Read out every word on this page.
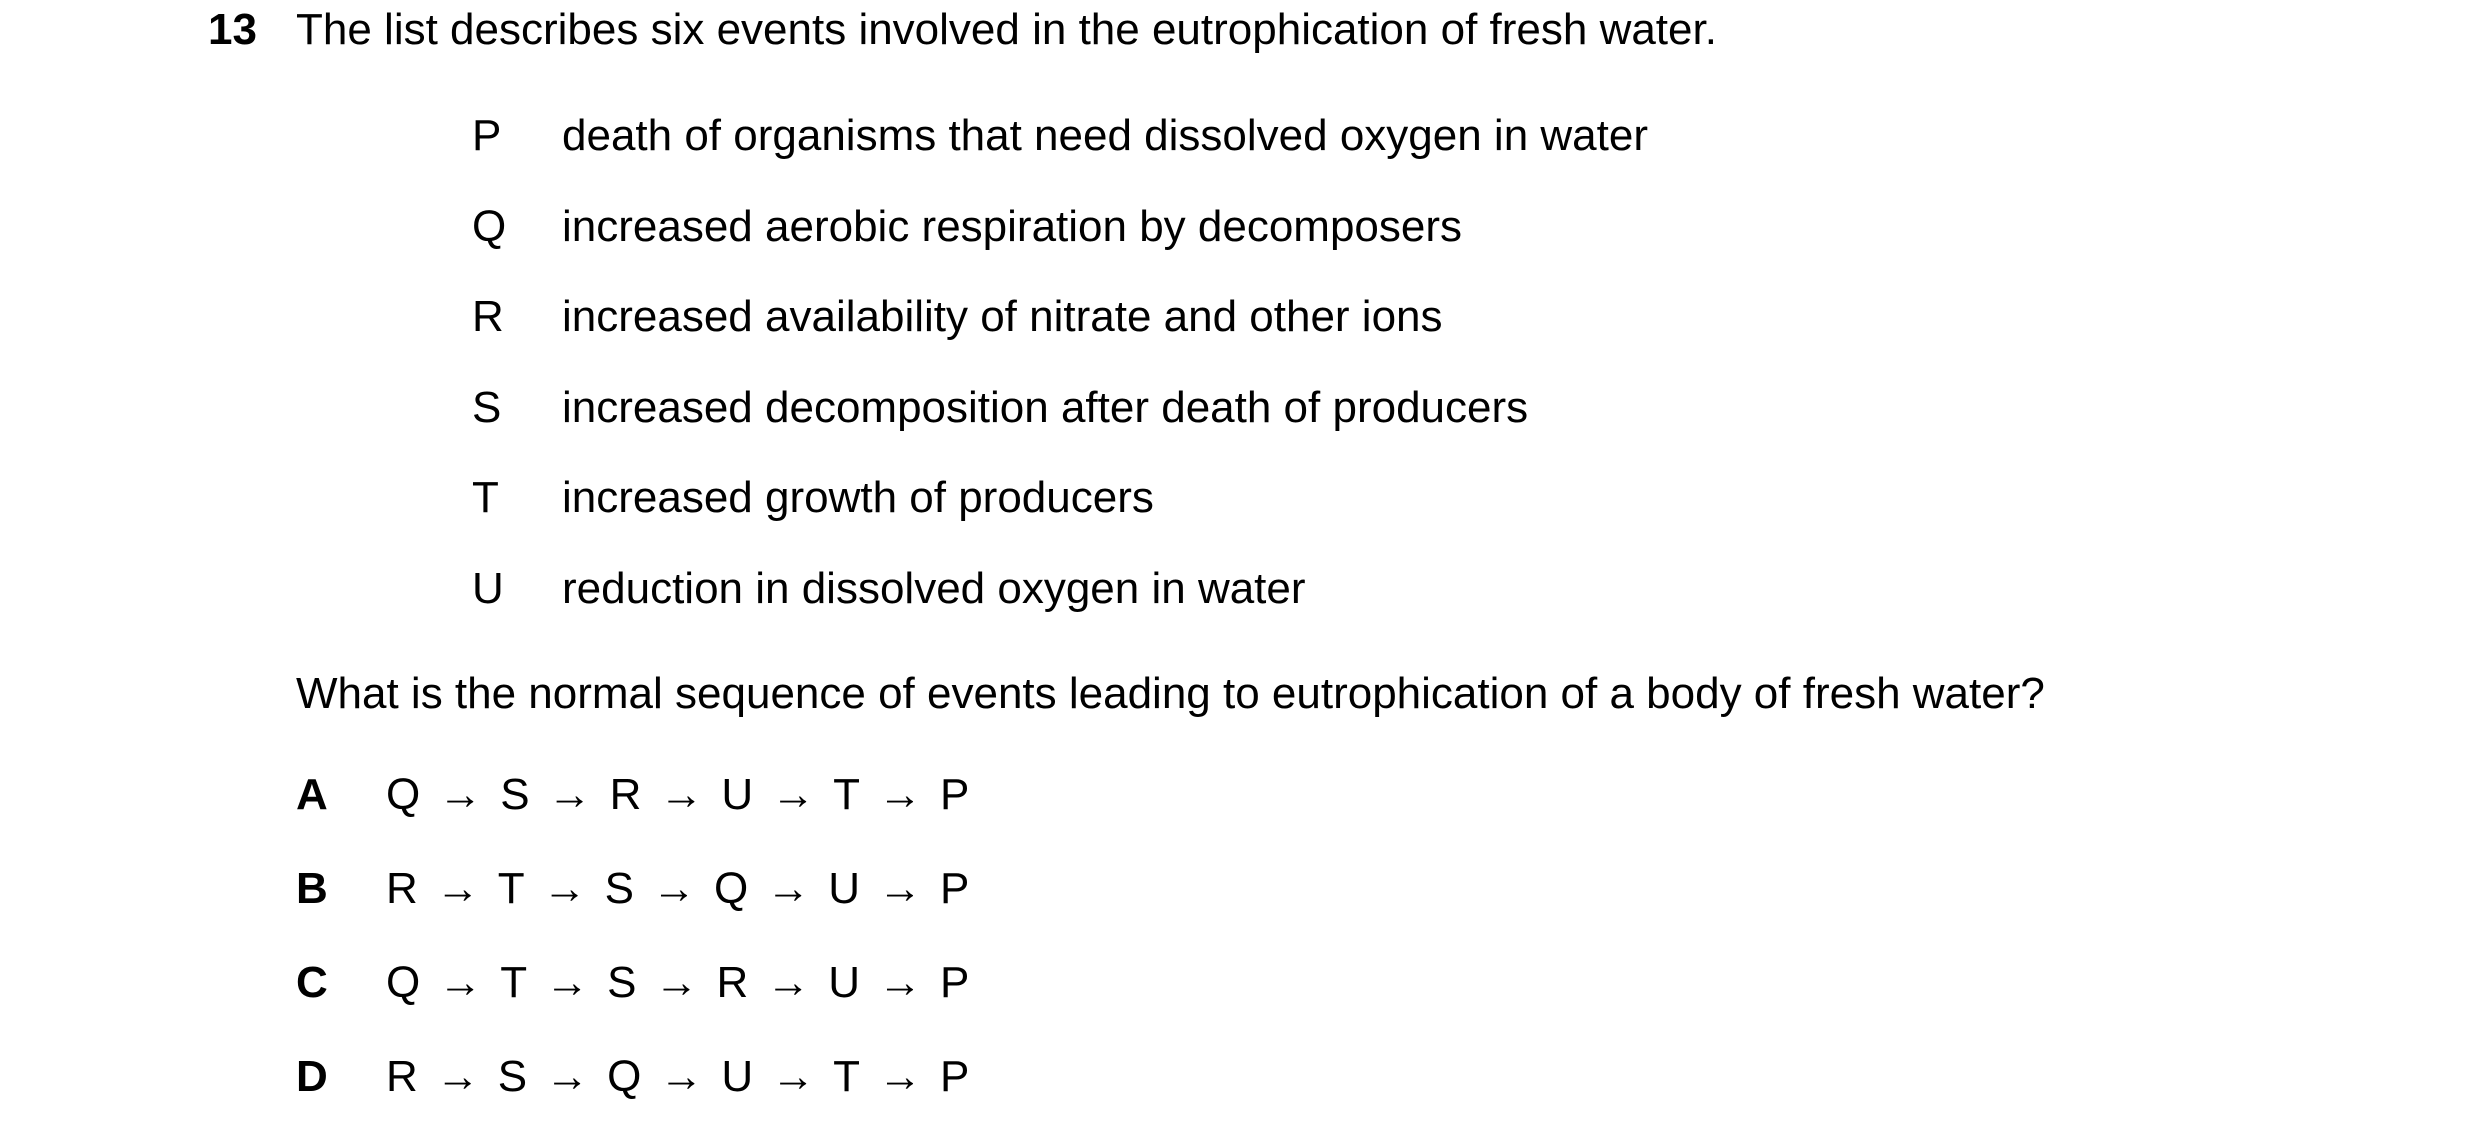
13 The list describes six events involved in the eutrophication of fresh water.
P death of organisms that need dissolved oxygen in water
Q increased aerobic respiration by decomposers
R increased availability of nitrate and other ions
S increased decomposition after death of producers
T increased growth of producers
U reduction in dissolved oxygen in water
What is the normal sequence of events leading to eutrophication of a body of fresh water?
A Q → S → R → U → T → P
B R → T → S → Q → U → P
C Q → T → S → R → U → P
D R → S → Q → U → T → P
